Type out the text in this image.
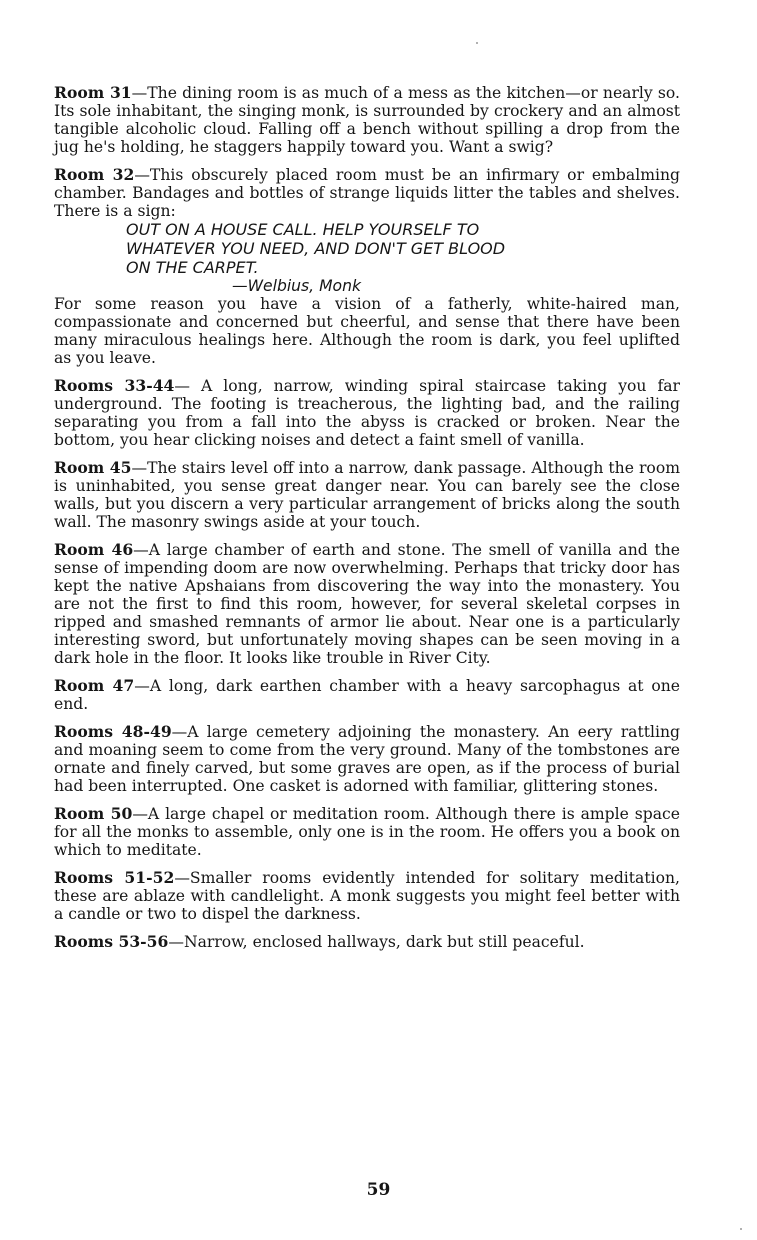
Room 31—The dining room is as much of a mess as the kitchen—or nearly so. Its sole inhabitant, the singing monk, is surrounded by crockery and an almost tangible alcoholic cloud. Falling off a bench without spilling a drop from the jug he's holding, he staggers happily toward you. Want a swig?

Room 32—This obscurely placed room must be an infirmary or embalming chamber. Bandages and bottles of strange liquids litter the tables and shelves. There is a sign:

OUT ON A HOUSE CALL. HELP YOURSELF TO
WHATEVER YOU NEED, AND DON'T GET BLOOD
ON THE CARPET.
—Welbius, Monk

For some reason you have a vision of a fatherly, white-haired man, compassionate and concerned but cheerful, and sense that there have been many miraculous healings here. Although the room is dark, you feel uplifted as you leave.

Rooms 33-44— A long, narrow, winding spiral staircase taking you far underground. The footing is treacherous, the lighting bad, and the railing separating you from a fall into the abyss is cracked or broken. Near the bottom, you hear clicking noises and detect a faint smell of vanilla.

Room 45—The stairs level off into a narrow, dank passage. Although the room is uninhabited, you sense great danger near. You can barely see the close walls, but you discern a very particular arrangement of bricks along the south wall. The masonry swings aside at your touch.

Room 46—A large chamber of earth and stone. The smell of vanilla and the sense of impending doom are now overwhelming. Perhaps that tricky door has kept the native Apshaians from discovering the way into the monastery. You are not the first to find this room, however, for several skeletal corpses in ripped and smashed remnants of armor lie about. Near one is a particularly interesting sword, but unfortunately moving shapes can be seen moving in a dark hole in the floor. It looks like trouble in River City.

Room 47—A long, dark earthen chamber with a heavy sarcophagus at one end.

Rooms 48-49—A large cemetery adjoining the monastery. An eery rattling and moaning seem to come from the very ground. Many of the tombstones are ornate and finely carved, but some graves are open, as if the process of burial had been interrupted. One casket is adorned with familiar, glittering stones.

Room 50—A large chapel or meditation room. Although there is ample space for all the monks to assemble, only one is in the room. He offers you a book on which to meditate.

Rooms 51-52—Smaller rooms evidently intended for solitary meditation, these are ablaze with candlelight. A monk suggests you might feel better with a candle or two to dispel the darkness.

Rooms 53-56—Narrow, enclosed hallways, dark but still peaceful.

59
